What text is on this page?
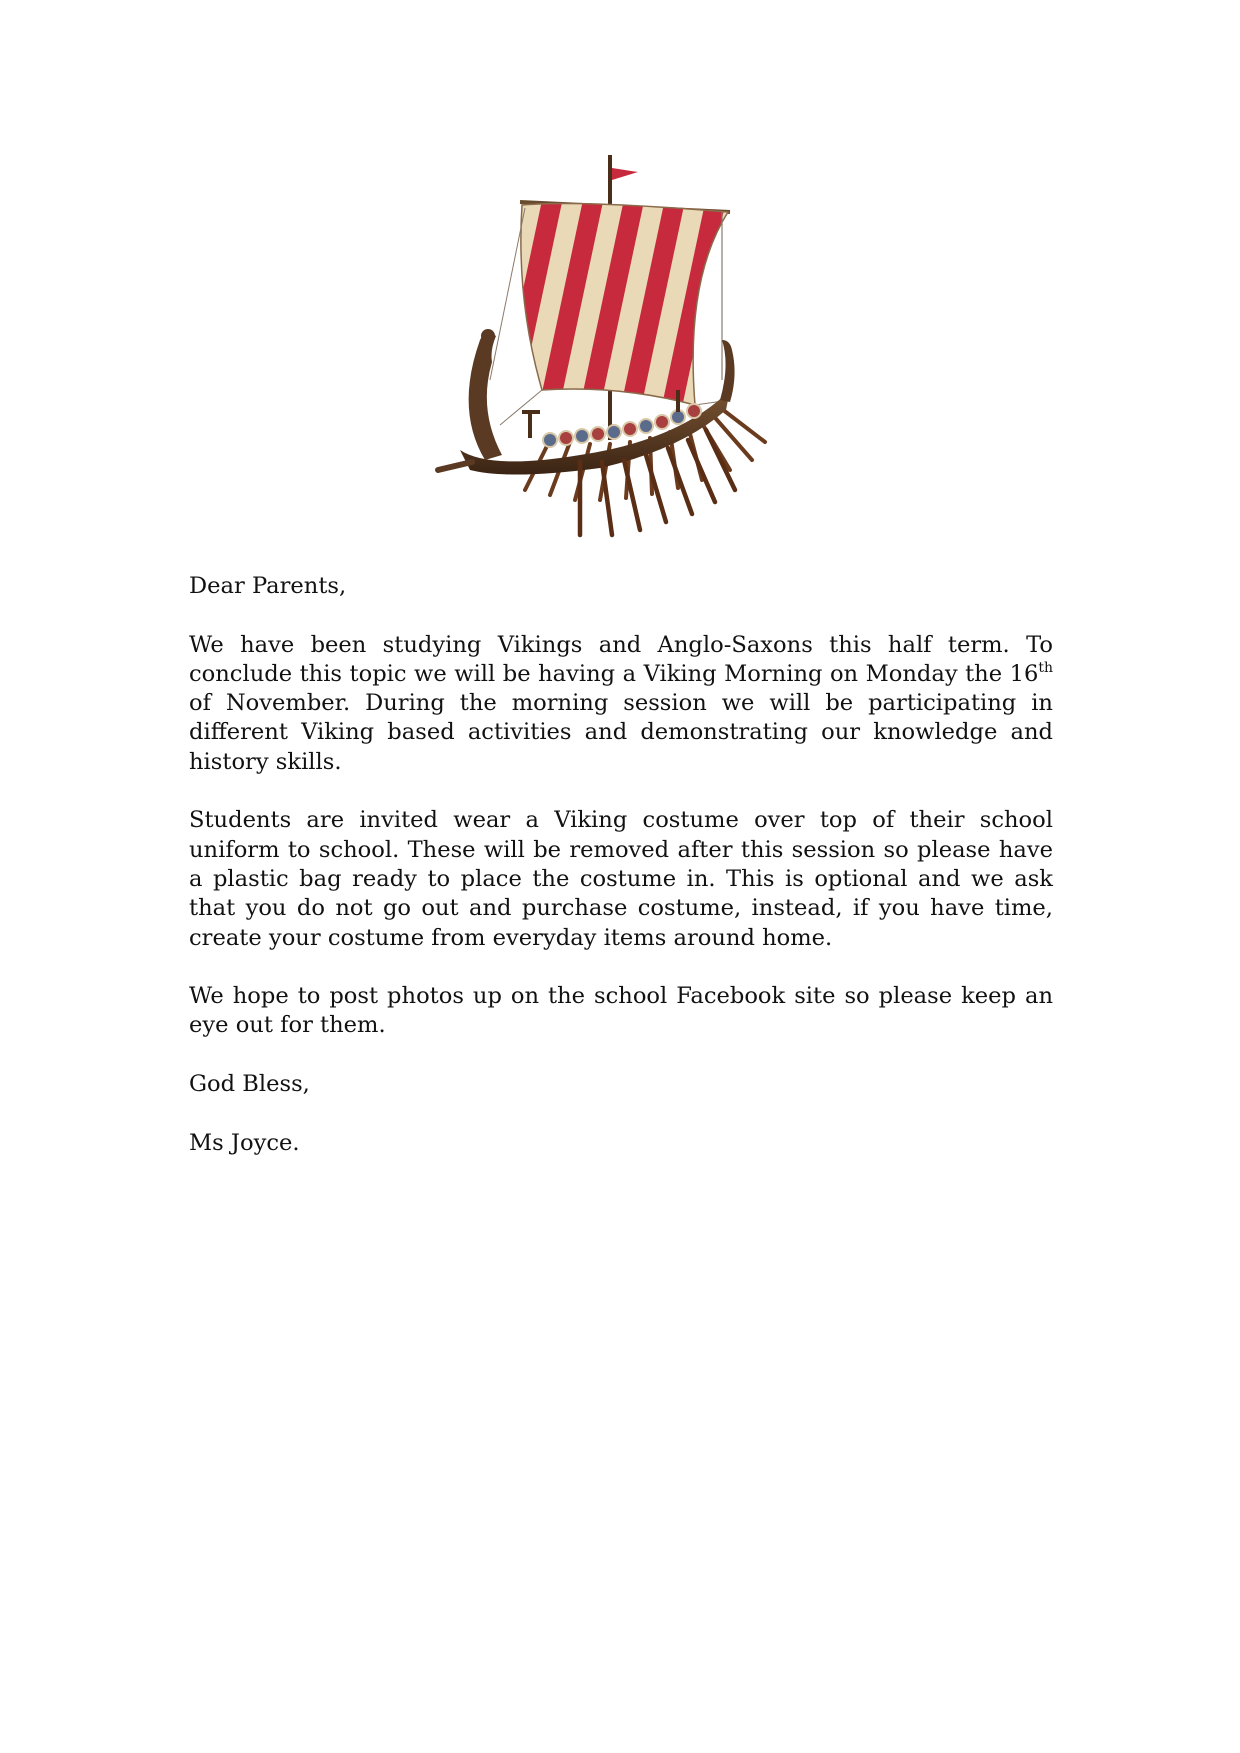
Dear Parents,

We have been studying Vikings and Anglo-Saxons this half term. To conclude this topic we will be having a Viking Morning on Monday the 16th of November. During the morning session we will be participating in different Viking based activities and demonstrating our knowledge and history skills.

Students are invited wear a Viking costume over top of their school uniform to school. These will be removed after this session so please have a plastic bag ready to place the costume in. This is optional and we ask that you do not go out and purchase costume, instead, if you have time, create your costume from everyday items around home.

We hope to post photos up on the school Facebook site so please keep an eye out for them.

God Bless,

Ms Joyce.
